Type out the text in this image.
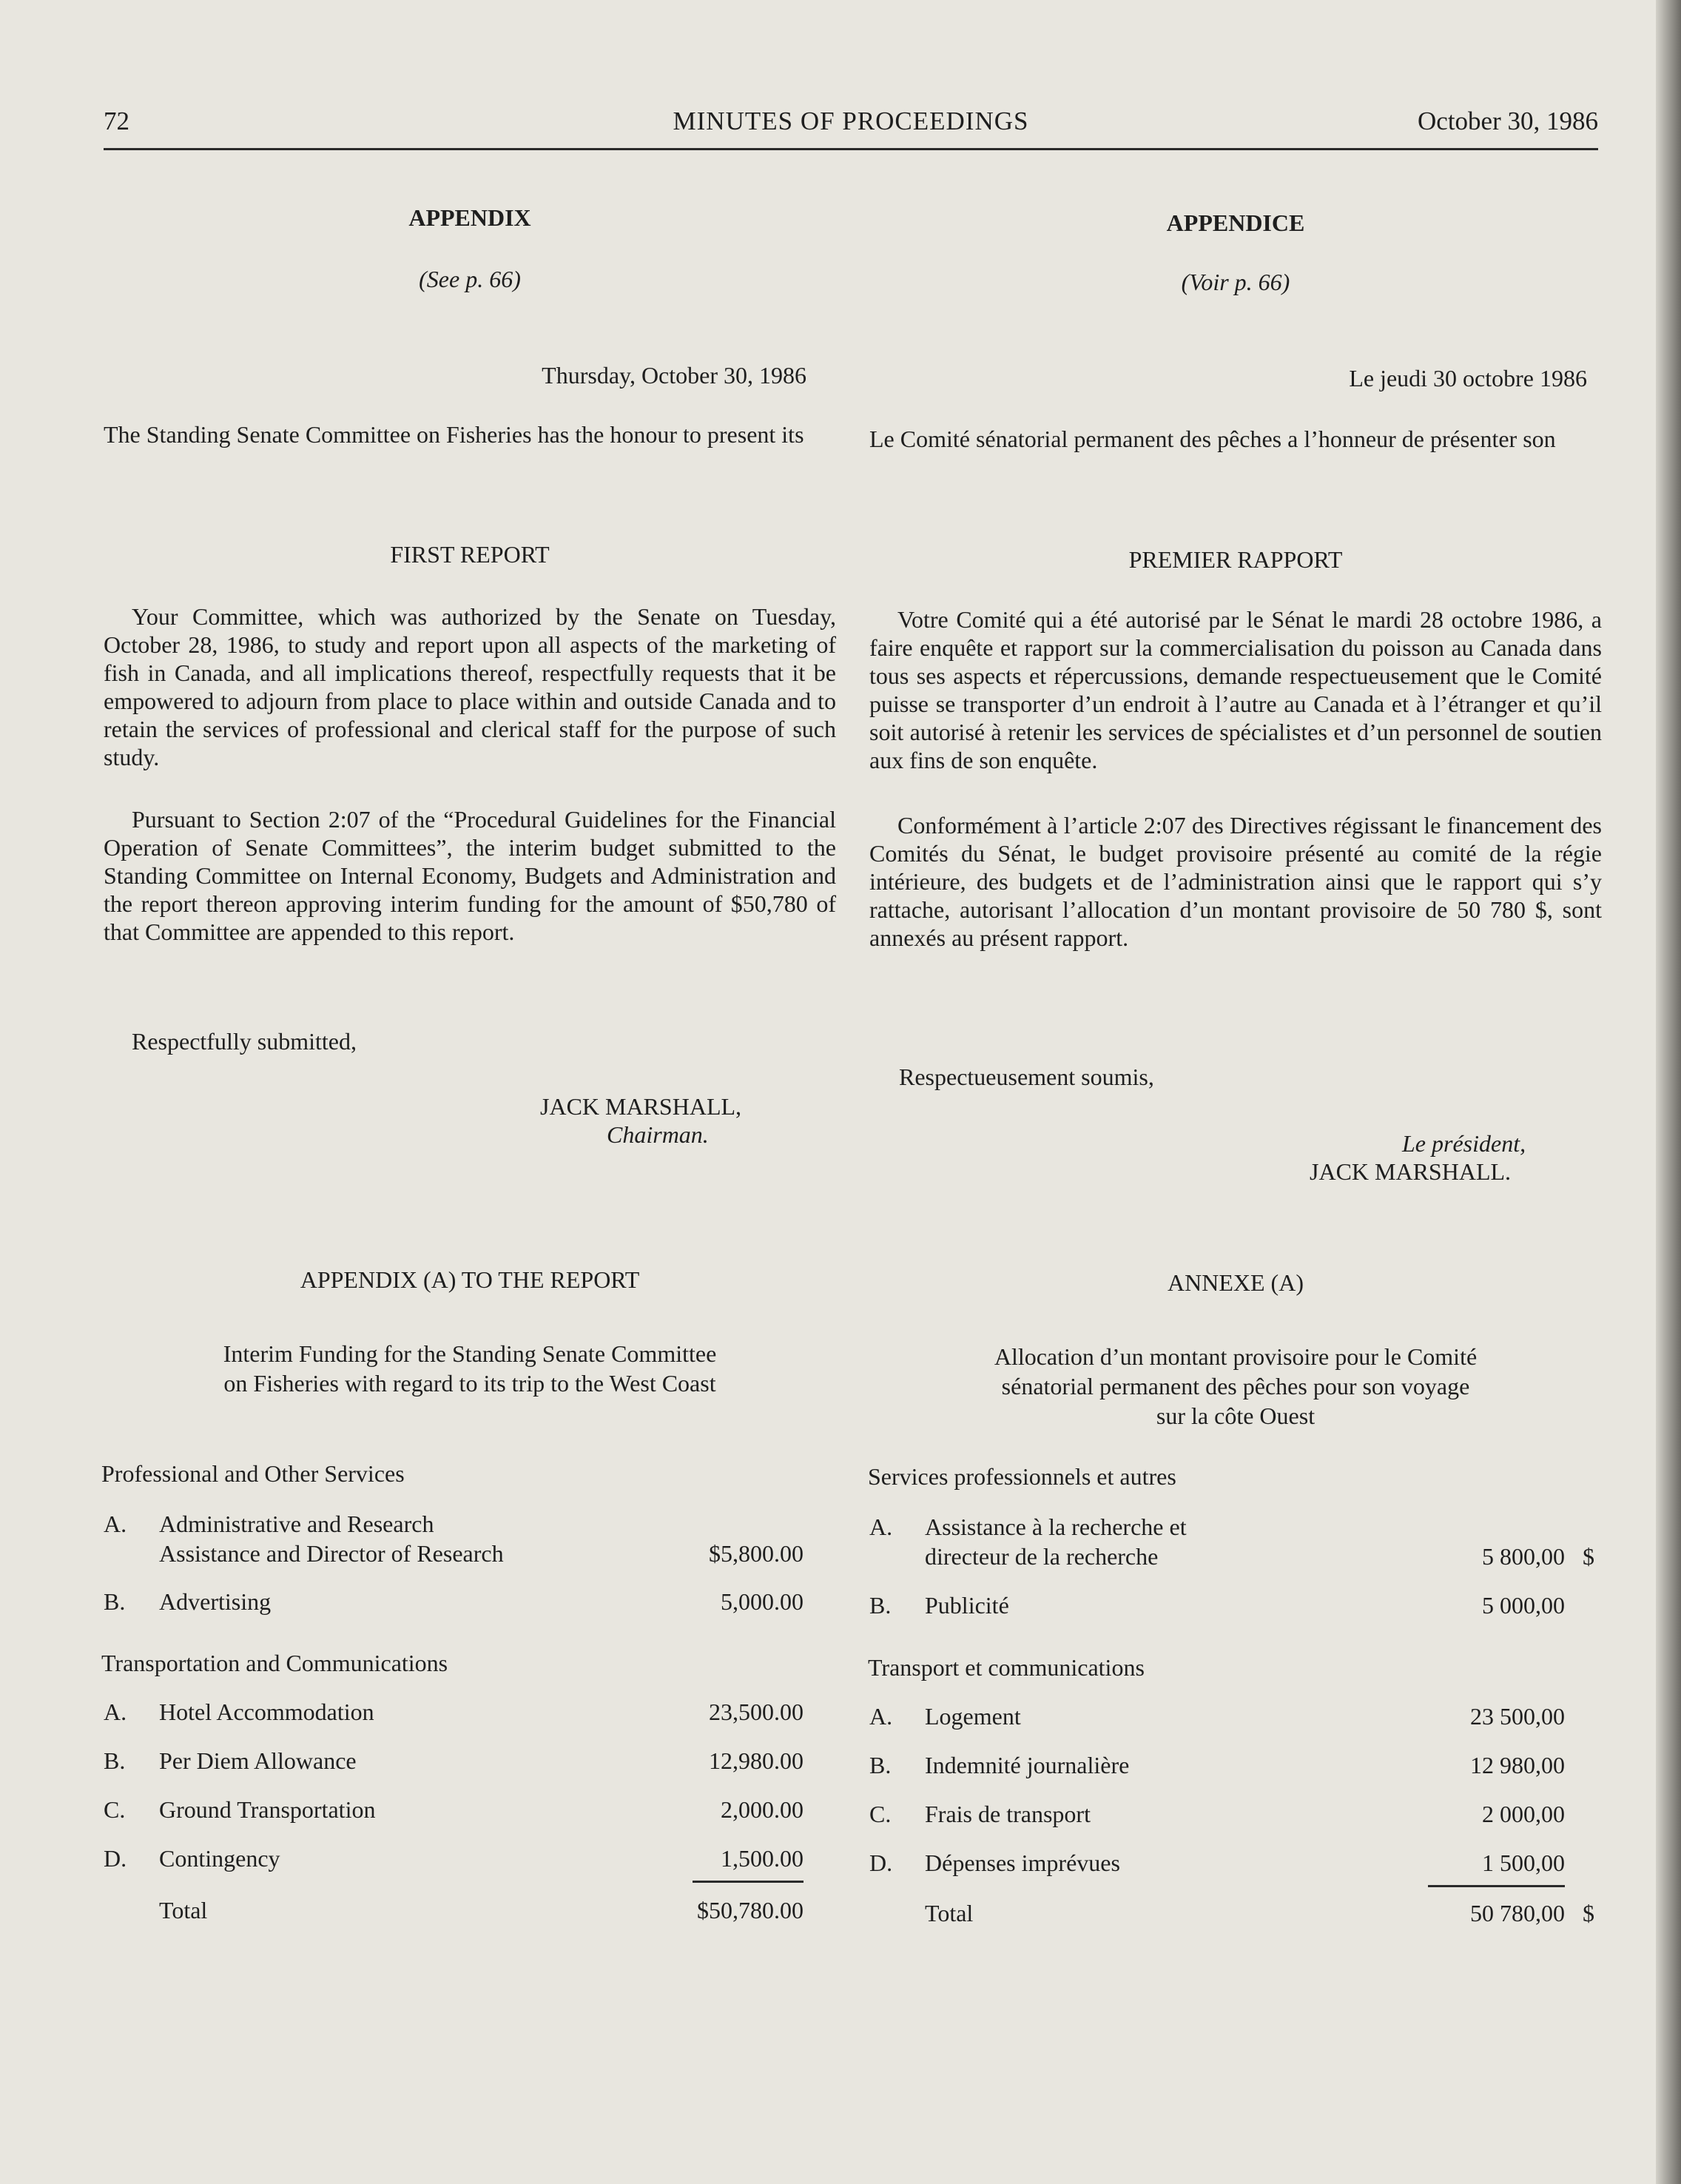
72	MINUTES OF PROCEEDINGS	October 30, 1986
APPENDIX
(See p. 66)
Thursday, October 30, 1986
The Standing Senate Committee on Fisheries has the honour to present its
FIRST REPORT

Your Committee, which was authorized by the Senate on Tuesday, October 28, 1986, to study and report upon all aspects of the marketing of fish in Canada, and all implications thereof, respectfully requests that it be empowered to adjourn from place to place within and outside Canada and to retain the services of professional and clerical staff for the purpose of such study.

Pursuant to Section 2:07 of the “Procedural Guidelines for the Financial Operation of Senate Committees”, the interim budget submitted to the Standing Committee on Internal Economy, Budgets and Administration and the report thereon approving interim funding for the amount of $50,780 of that Committee are appended to this report.

Respectfully submitted,
JACK MARSHALL,
Chairman.
APPENDIX (A) TO THE REPORT
Interim Funding for the Standing Senate Committee
on Fisheries with regard to its trip to the West Coast
Professional and Other Services
A. Administrative and Research
Assistance and Director of Research	$5,800.00
B. Advertising	5,000.00
Transportation and Communications
A. Hotel Accommodation	23,500.00
B. Per Diem Allowance	12,980.00
C. Ground Transportation	2,000.00
D. Contingency	1,500.00
Total	$50,780.00
APPENDICE
(Voir p. 66)
Le jeudi 30 octobre 1986
Le Comité sénatorial permanent des pêches a l’honneur de présenter son
PREMIER RAPPORT

Votre Comité qui a été autorisé par le Sénat le mardi 28 octobre 1986, a faire enquête et rapport sur la commercialisation du poisson au Canada dans tous ses aspects et répercussions, demande respectueusement que le Comité puisse se transporter d’un endroit à l’autre au Canada et à l’étranger et qu’il soit autorisé à retenir les services de spécialistes et d’un personnel de soutien aux fins de son enquête.

Conformément à l’article 2:07 des Directives régissant le financement des Comités du Sénat, le budget provisoire présenté au comité de la régie intérieure, des budgets et de l’administration ainsi que le rapport qui s’y rattache, autorisant l’allocation d’un montant provisoire de 50 780 $, sont annexés au présent rapport.

Respectueusement soumis,
Le président,
JACK MARSHALL.
ANNEXE (A)
Allocation d’un montant provisoire pour le Comité
sénatorial permanent des pêches pour son voyage
sur la côte Ouest
Services professionnels et autres
A. Assistance à la recherche et
directeur de la recherche	5 800,00 $
B. Publicité	5 000,00
Transport et communications
A. Logement	23 500,00
B. Indemnité journalière	12 980,00
C. Frais de transport	2 000,00
D. Dépenses imprévues	1 500,00
Total	50 780,00 $
